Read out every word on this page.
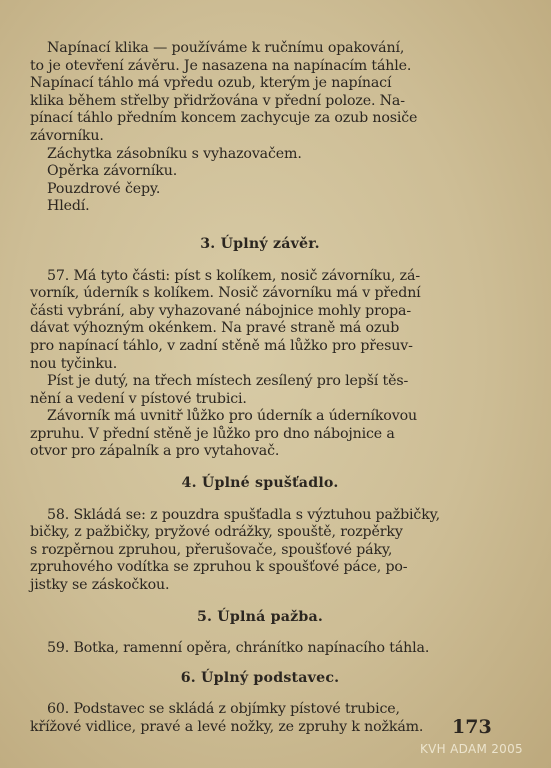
Napínací klika — používáme k ručnímu opakování,
to je otevření závěru. Je nasazena na napínacím táhle.
Napínací táhlo má vpředu ozub, kterým je napínací
klika během střelby přidržována v přední poloze. Na-
pínací táhlo předním koncem zachycuje za ozub nosiče
závorníku.

Záchytka zásobníku s vyhazovačem.
Opěrka závorníku.
Pouzdrové čepy.
Hledí.

3. Úplný závěr.

57. Má tyto části: píst s kolíkem, nosič závorníku, zá-
vorník, úderník s kolíkem. Nosič závorníku má v přední
části vybrání, aby vyhazované nábojnice mohly propa-
dávat výhozným okénkem. Na pravé straně má ozub
pro napínací táhlo, v zadní stěně má lůžko pro přesuv-
nou tyčinku.

Píst je dutý, na třech místech zesílený pro lepší těs-
nění a vedení v pístové trubici.

Závorník má uvnitř lůžko pro úderník a úderníkovou
zpruhu. V přední stěně je lůžko pro dno nábojnice a
otvor pro zápalník a pro vytahovač.

4. Úplné spušťadlo.

58. Skládá se: z pouzdra spušťadla s výztuhou pažbičky,
bičky, z pažbičky, pryžové odrážky, spouště, rozpěrky
s rozpěrnou zpruhou, přerušovače, spoušťové páky,
zpruhového vodítka se zpruhou k spoušťové páce, po-
jistky se záskočkou.

5. Úplná pažba.

59. Botka, ramenní opěra, chránítko napínacího táhla.

6. Úplný podstavec.

60. Podstavec se skládá z objímky pístové trubice,
křížové vidlice, pravé a levé nožky, ze zpruhy k nožkám.	173
KVH ADAM 2005
